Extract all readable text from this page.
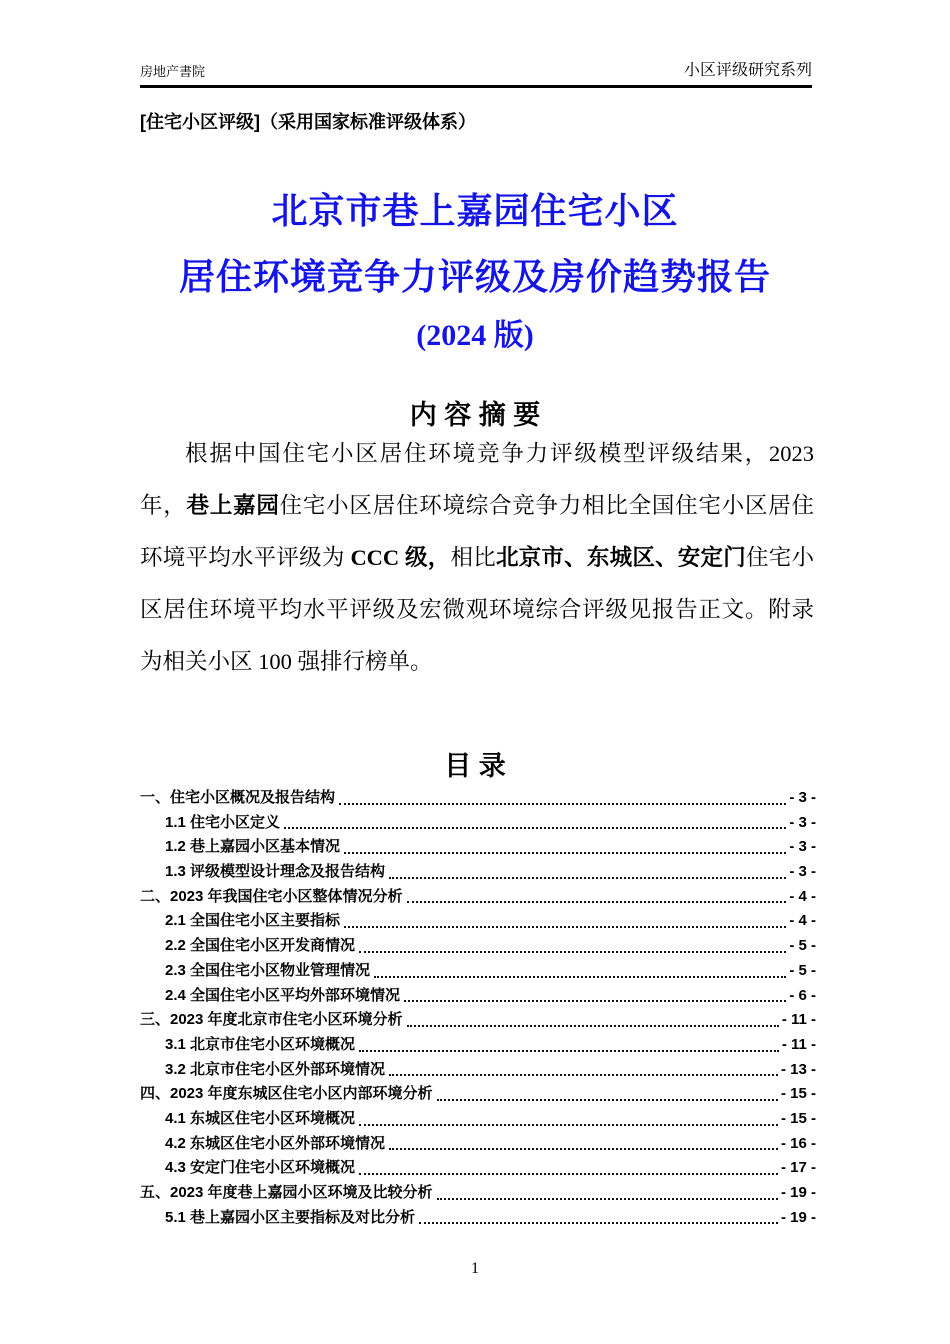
房地产書院	小区评级研究系列
[住宅小区评级]（采用国家标准评级体系）
北京市巷上嘉园住宅小区
居住环境竞争力评级及房价趋势报告
(2024 版)
内 容 摘 要

根据中国住宅小区居住环境竞争力评级模型评级结果，2023 年，巷上嘉园住宅小区居住环境综合竞争力相比全国住宅小区居住环境平均水平评级为 CCC 级，相比北京市、东城区、安定门住宅小区居住环境平均水平评级及宏微观环境综合评级见报告正文。附录为相关小区 100 强排行榜单。

目 录
一、住宅小区概况及报告结构	- 3 -
1.1 住宅小区定义	- 3 -
1.2 巷上嘉园小区基本情况	- 3 -
1.3 评级模型设计理念及报告结构	- 3 -
二、2023 年我国住宅小区整体情况分析	- 4 -
2.1 全国住宅小区主要指标	- 4 -
2.2 全国住宅小区开发商情况	- 5 -
2.3 全国住宅小区物业管理情况	- 5 -
2.4 全国住宅小区平均外部环境情况	- 6 -
三、2023 年度北京市住宅小区环境分析	- 11 -
3.1 北京市住宅小区环境概况	- 11 -
3.2 北京市住宅小区外部环境情况	- 13 -
四、2023 年度东城区住宅小区内部环境分析	- 15 -
4.1 东城区住宅小区环境概况	- 15 -
4.2 东城区住宅小区外部环境情况	- 16 -
4.3 安定门住宅小区环境概况	- 17 -
五、2023 年度巷上嘉园小区环境及比较分析	- 19 -
5.1 巷上嘉园小区主要指标及对比分析	- 19 -
1
